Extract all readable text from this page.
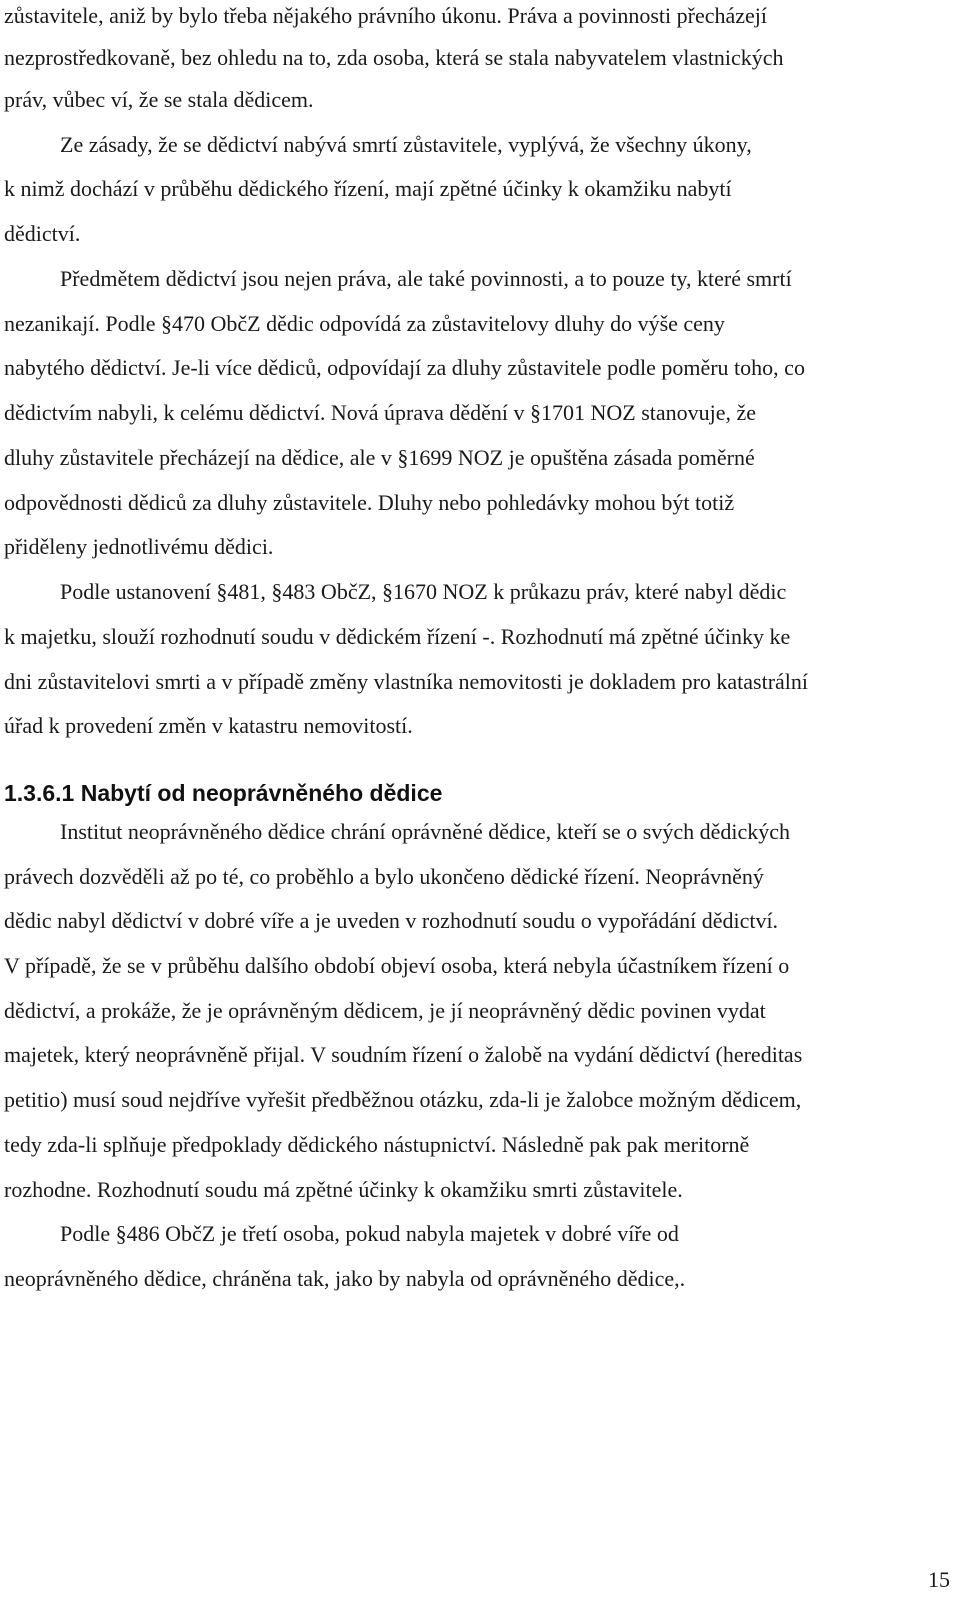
zůstavitele, aniž by bylo třeba nějakého právního úkonu. Práva a povinnosti přecházejí
nezprostředkovaně, bez ohledu na to, zda osoba, která se stala nabyvatelem vlastnických
práv, vůbec ví, že se stala dědicem.
Ze zásady, že se dědictví nabývá smrtí zůstavitele, vyplývá, že všechny úkony,
k nimž dochází v průběhu dědického řízení, mají zpětné účinky k okamžiku nabytí
dědictví.
Předmětem dědictví jsou nejen práva, ale také povinnosti, a to pouze ty, které smrtí
nezanikají. Podle §470 ObčZ dědic odpovídá za zůstavitelovy dluhy do výše ceny
nabytého dědictví. Je-li více dědiců, odpovídají za dluhy zůstavitele podle poměru toho, co
dědictvím nabyli, k celému dědictví. Nová úprava dědění v §1701 NOZ stanovuje, že
dluhy zůstavitele přecházejí na dědice, ale v §1699 NOZ je opuštěna zásada poměrné
odpovědnosti dědiců za dluhy zůstavitele. Dluhy nebo pohledávky mohou být totiž
přiděleny jednotlivému dědici.
Podle ustanovení §481, §483 ObčZ, §1670 NOZ k průkazu práv, které nabyl dědic
k majetku, slouží rozhodnutí soudu v dědickém řízení -. Rozhodnutí má zpětné účinky ke
dni zůstavitelovi smrti a v případě změny vlastníka nemovitosti je dokladem pro katastrální
úřad k provedení změn v katastru nemovitostí.
1.3.6.1 Nabytí od neoprávněného dědice
Institut neoprávněného dědice chrání oprávněné dědice, kteří se o svých dědických
právech dozvěděli až po té, co proběhlo a bylo ukončeno dědické řízení. Neoprávněný
dědic nabyl dědictví v dobré víře a je uveden v rozhodnutí soudu o vypořádání dědictví.
V případě, že se v průběhu dalšího období objeví osoba, která nebyla účastníkem řízení o
dědictví, a prokáže, že je oprávněným dědicem, je jí neoprávněný dědic povinen vydat
majetek, který neoprávněně přijal. V soudním řízení o žalobě na vydání dědictví (hereditas
petitio) musí soud nejdříve vyřešit předběžnou otázku, zda-li je žalobce možným dědicem,
tedy zda-li splňuje předpoklady dědického nástupnictví. Následně pak pak meritorně
rozhodne. Rozhodnutí soudu má zpětné účinky k okamžiku smrti zůstavitele.
Podle §486 ObčZ je třetí osoba, pokud nabyla majetek v dobré víře od
neoprávněného dědice, chráněna tak, jako by nabyla od oprávněného dědice,.
15
